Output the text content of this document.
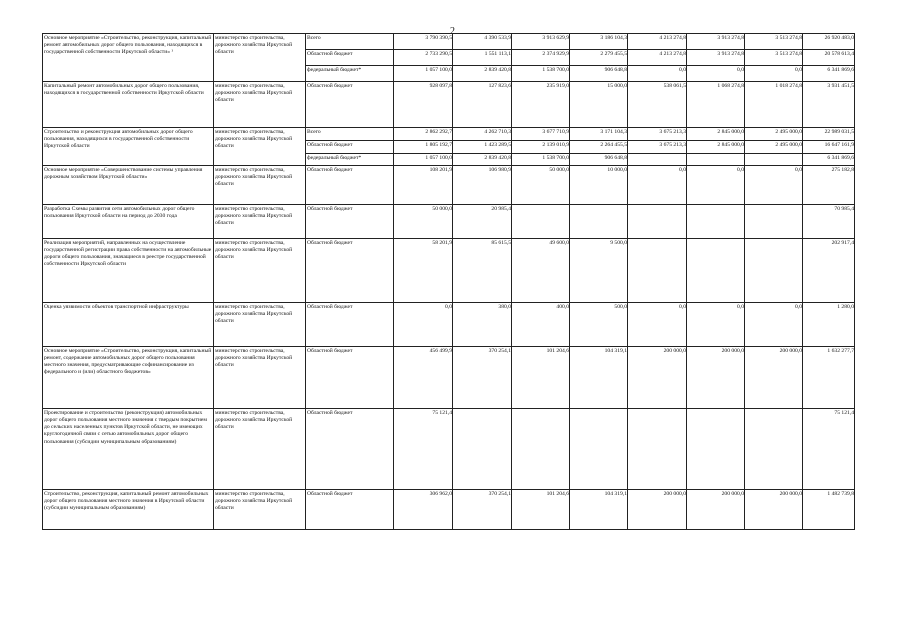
2
Основное мероприятие «Строительство, реконструкция, капитальный ремонт автомобильных дорог общего пользования, находящихся в государственной собственности Иркутской области» ¹	министерство строительства, дорожного хозяйства Иркутской области	Всего	3 790 390,5	4 390 533,9	3 913 629,9	3 186 104,3	4 213 274,8	3 913 274,8	3 513 274,8	26 920 483,0
		Областной бюджет	2 733 290,5	1 551 113,1	2 374 929,9	2 279 455,5	4 213 274,8	3 913 274,8	3 513 274,8	20 578 613,4
		федеральный бюджет*	1 057 100,0	2 839 420,8	1 538 700,0	906 648,8	0,0	0,0	0,0	6 341 869,6
Капитальный ремонт автомобильных дорог общего пользования, находящихся в государственной собственности Иркутской области	министерство строительства, дорожного хозяйства Иркутской области	Областной бюджет	928 097,8	127 823,6	235 919,0	15 000,0	538 061,5	1 068 274,8	1 018 274,8	3 931 451,5
Строительство и реконструкция автомобильных дорог общего пользования, находящихся в государственной собственности Иркутской области	министерство строительства, дорожного хозяйства Иркутской области	Всего	2 862 292,7	4 262 710,3	3 677 710,9	3 171 104,3	3 675 213,3	2 845 000,0	2 495 000,0	22 989 031,5
		Областной бюджет	1 805 192,7	1 423 289,5	2 139 010,9	2 264 455,5	3 675 213,3	2 845 000,0	2 495 000,0	16 647 161,9
		федеральный бюджет*	1 057 100,0	2 839 420,8	1 538 700,0	906 648,8				6 341 869,6
Основное мероприятие «Совершенствование системы управления дорожным хозяйством Иркутской области»	министерство строительства, дорожного хозяйства Иркутской области	Областной бюджет	108 201,9	106 980,9	50 000,0	10 000,0	0,0	0,0	0,0	275 182,8
Разработка Схемы развития сети автомобильных дорог общего пользования Иркутской области на период до 2030 года	министерство строительства, дорожного хозяйства Иркутской области	Областной бюджет	50 000,0	20 985,4						70 985,4
Реализация мероприятий, направленных на осуществление государственной регистрации права собственности на автомобильные дороги общего пользования, значащиеся в реестре государственной собственности Иркутской области	министерство строительства, дорожного хозяйства Иркутской области	Областной бюджет	58 201,9	85 615,5	49 600,0	9 500,0				202 917,4
Оценка уязвимости объектов транспортной инфраструктуры	министерство строительства, дорожного хозяйства Иркутской области	Областной бюджет	0,0	380,0	400,0	500,0	0,0	0,0	0,0	1 280,0
Основное мероприятие «Строительство, реконструкция, капитальный ремонт, содержание автомобильных дорог общего пользования местного значения, предусматривающие софинансирование из федерального и (или) областного бюджетов»	министерство строительства, дорожного хозяйства Иркутской области	Областной бюджет	456 499,9	370 254,1	101 204,6	104 319,1	200 000,0	200 000,0	200 000,0	1 632 277,7
Проектирование и строительство (реконструкция) автомобильных дорог общего пользования местного значения с твердым покрытием до сельских населенных пунктов Иркутской области, не имеющих круглогодичной связи с сетью автомобильных дорог общего пользования (субсидии муниципальным образованиям)	министерство строительства, дорожного хозяйства Иркутской области	Областной бюджет	75 121,4							75 121,4
Строительство, реконструкция, капитальный ремонт автомобильных дорог общего пользования местного значения в Иркутской области (субсидии муниципальным образованиям)	министерство строительства, дорожного хозяйства Иркутской области	Областной бюджет	306 962,0	370 254,1	101 204,6	104 319,1	200 000,0	200 000,0	200 000,0	1 482 739,8
